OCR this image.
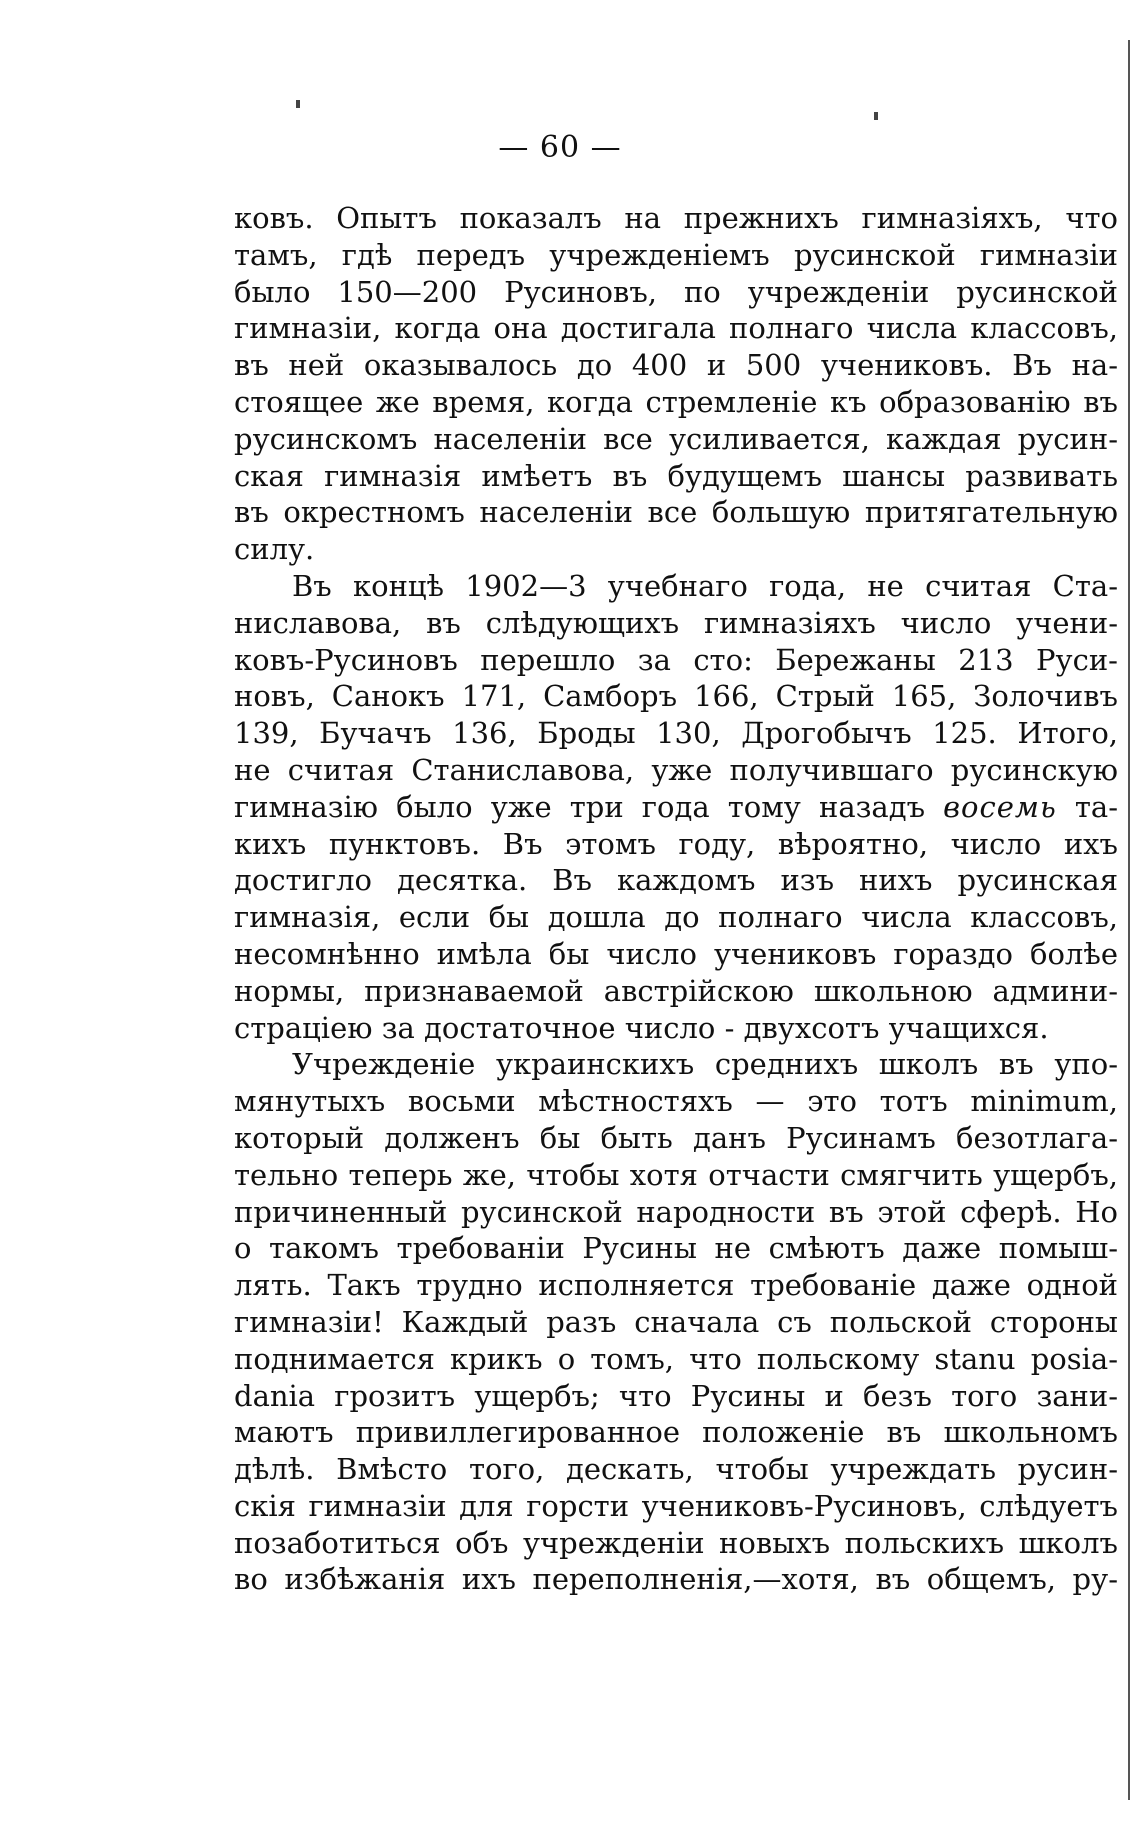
— 60 —
ковъ. Опытъ показалъ на прежнихъ гимназіяхъ, что
тамъ, гдѣ передъ учрежденіемъ русинской гимназіи
было 150—200 Русиновъ, по учрежденіи русинской
гимназіи, когда она достигала полнаго числа классовъ,
въ ней оказывалось до 400 и 500 учениковъ. Въ на-
стоящее же время, когда стремленіе къ образованію въ
русинскомъ населеніи все усиливается, каждая русин-
ская гимназія имѣетъ въ будущемъ шансы развивать
въ окрестномъ населеніи все большую притягательную
силу.
Въ концѣ 1902—3 учебнаго года, не считая Ста-
ниславова, въ слѣдующихъ гимназіяхъ число учени-
ковъ-Русиновъ перешло за сто: Бережаны 213 Руси-
новъ, Санокъ 171, Самборъ 166, Стрый 165, Золочивъ
139, Бучачъ 136, Броды 130, Дрогобычъ 125. Итого,
не считая Станиславова, уже получившаго русинскую
гимназію было уже три года тому назадъ восемь та-
кихъ пунктовъ. Въ этомъ году, вѣроятно, число ихъ
достигло десятка. Въ каждомъ изъ нихъ русинская
гимназія, если бы дошла до полнаго числа классовъ,
несомнѣнно имѣла бы число учениковъ гораздо болѣе
нормы, признаваемой австрійскою школьною админи-
страціею за достаточное число - двухсотъ учащихся.
Учрежденіе украинскихъ среднихъ школъ въ упо-
мянутыхъ восьми мѣстностяхъ — это тотъ minimum,
который долженъ бы быть данъ Русинамъ безотлага-
тельно теперь же, чтобы хотя отчасти смягчить ущербъ,
причиненный русинской народности въ этой сферѣ. Но
о такомъ требованіи Русины не смѣютъ даже помыш-
лять. Такъ трудно исполняется требованіе даже одной
гимназіи! Каждый разъ сначала съ польской стороны
поднимается крикъ о томъ, что польскому stanu posia-
dania грозитъ ущербъ; что Русины и безъ того зани-
маютъ привиллегированное положеніе въ школьномъ
дѣлѣ. Вмѣсто того, дескать, чтобы учреждать русин-
скія гимназіи для горсти учениковъ-Русиновъ, слѣдуетъ
позаботиться объ учрежденіи новыхъ польскихъ школъ
во избѣжанія ихъ переполненія,—хотя, въ общемъ, ру-
